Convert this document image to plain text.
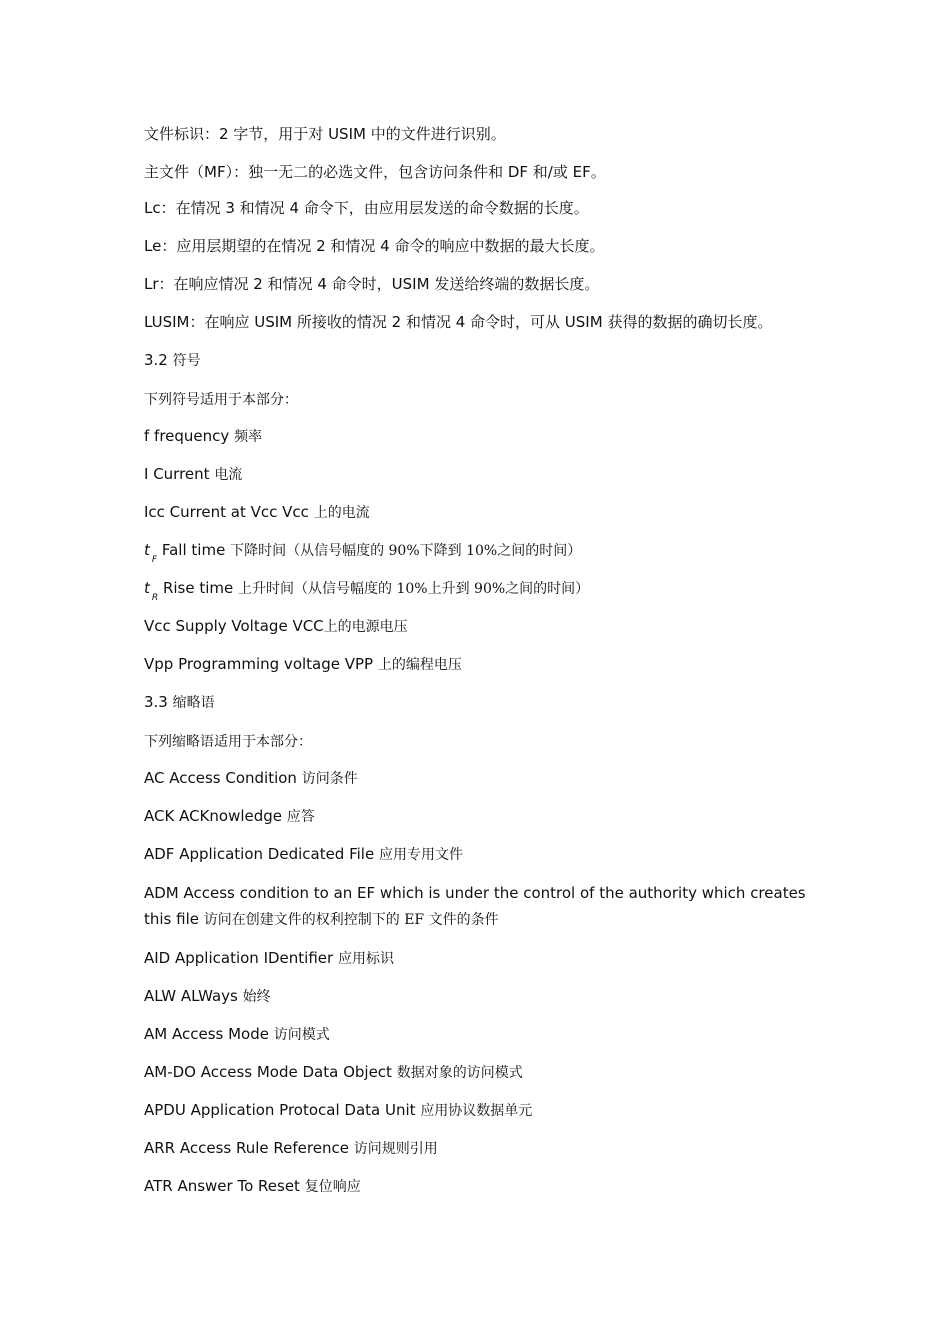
文件标识：2 字节，用于对 USIM 中的文件进行识别。
主文件（MF）：独一无二的必选文件，包含访问条件和 DF 和/或 EF。
Lc：在情况 3 和情况 4 命令下，由应用层发送的命令数据的长度。
Le：应用层期望的在情况 2 和情况 4 命令的响应中数据的最大长度。
Lr：在响应情况 2 和情况 4 命令时，USIM 发送给终端的数据长度。
LUSIM：在响应 USIM 所接收的情况 2 和情况 4 命令时，可从 USIM 获得的数据的确切长度。
3.2 符号
下列符号适用于本部分：
f frequency 频率
I Current 电流
Icc Current at Vcc Vcc 上的电流
$t_F$ Fall time 下降时间（从信号幅度的 90%下降到 10%之间的时间）
$t_R$ Rise time 上升时间（从信号幅度的 10%上升到 90%之间的时间）
Vcc Supply Voltage VCC上的电源电压
Vpp Programming voltage VPP 上的编程电压
3.3 缩略语
下列缩略语适用于本部分：
AC Access Condition 访问条件
ACK ACKnowledge 应答
ADF Application Dedicated File 应用专用文件
ADM Access condition to an EF which is under the control of the authority which creates this file 访问在创建文件的权利控制下的 EF 文件的条件
AID Application IDentifier 应用标识
ALW ALWays 始终
AM Access Mode 访问模式
AM-DO Access Mode Data Object 数据对象的访问模式
APDU Application Protocal Data Unit 应用协议数据单元
ARR Access Rule Reference 访问规则引用
ATR Answer To Reset 复位响应
